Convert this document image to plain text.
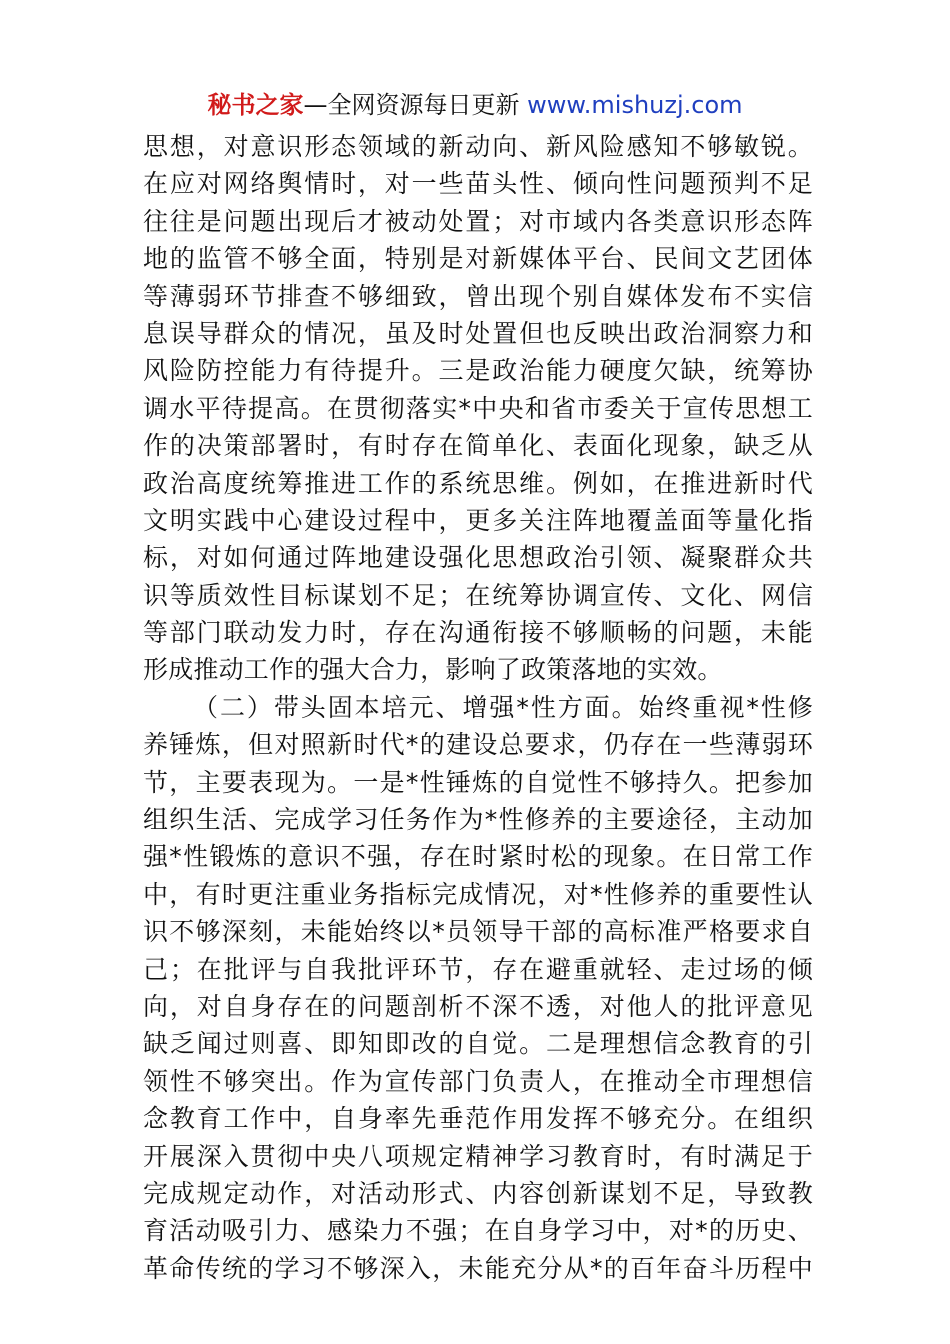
秘书之家—全网资源每日更新 www.mishuzj.com
思想，对意识形态领域的新动向、新风险感知不够敏锐。
在应对网络舆情时，对一些苗头性、倾向性问题预判不足
往往是问题出现后才被动处置；对市域内各类意识形态阵
地的监管不够全面，特别是对新媒体平台、民间文艺团体
等薄弱环节排查不够细致，曾出现个别自媒体发布不实信
息误导群众的情况，虽及时处置但也反映出政治洞察力和
风险防控能力有待提升。三是政治能力硬度欠缺，统筹协
调水平待提高。在贯彻落实*中央和省市委关于宣传思想工
作的决策部署时，有时存在简单化、表面化现象，缺乏从
政治高度统筹推进工作的系统思维。例如，在推进新时代
文明实践中心建设过程中，更多关注阵地覆盖面等量化指
标，对如何通过阵地建设强化思想政治引领、凝聚群众共
识等质效性目标谋划不足；在统筹协调宣传、文化、网信
等部门联动发力时，存在沟通衔接不够顺畅的问题，未能
形成推动工作的强大合力，影响了政策落地的实效。
（二）带头固本培元、增强*性方面。始终重视*性修
养锤炼，但对照新时代*的建设总要求，仍存在一些薄弱环
节，主要表现为。一是*性锤炼的自觉性不够持久。把参加
组织生活、完成学习任务作为*性修养的主要途径，主动加
强*性锻炼的意识不强，存在时紧时松的现象。在日常工作
中，有时更注重业务指标完成情况，对*性修养的重要性认
识不够深刻，未能始终以*员领导干部的高标准严格要求自
己；在批评与自我批评环节，存在避重就轻、走过场的倾
向，对自身存在的问题剖析不深不透，对他人的批评意见
缺乏闻过则喜、即知即改的自觉。二是理想信念教育的引
领性不够突出。作为宣传部门负责人，在推动全市理想信
念教育工作中，自身率先垂范作用发挥不够充分。在组织
开展深入贯彻中央八项规定精神学习教育时，有时满足于
完成规定动作，对活动形式、内容创新谋划不足，导致教
育活动吸引力、感染力不强；在自身学习中，对*的历史、
革命传统的学习不够深入，未能充分从*的百年奋斗历程中
